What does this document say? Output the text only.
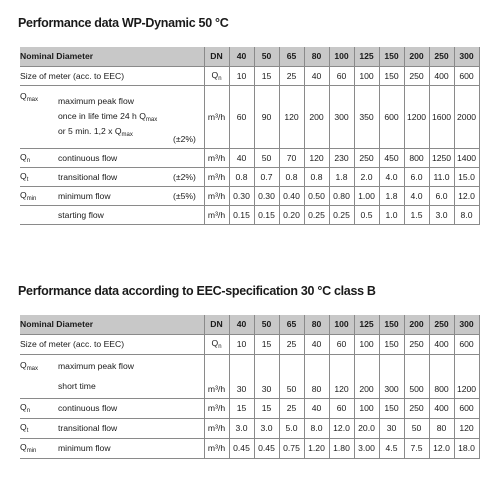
Performance data WP-Dynamic 50 °C
Nominal Diameter			DN	40	50	65	80	100	125	150	200	250	300	
Size of meter (acc. to EEC)			$Q_n$	10	15	25	40	60	100	150	250	400	600	
$Q_{max}$	maximum peak flow
once in life time 24 h $Q_{max}$
or 5 min. 1,2 x $Q_{max}$	(±2%)	m³/h	60	90	120	200	300	350	600	1200	1600	2000	
$Q_n$	continuous flow		m³/h	40	50	70	120	230	250	450	800	1250	1400	
$Q_t$	transitional flow	(±2%)	m³/h	0.8	0.7	0.8	0.8	1.8	2.0	4.0	6.0	11.0	15.0	
$Q_{min}$	minimum flow	(±5%)	m³/h	0.30	0.30	0.40	0.50	0.80	1.00	1.8	4.0	6.0	12.0	
	starting flow		m³/h	0.15	0.15	0.20	0.25	0.25	0.5	1.0	1.5	3.0	8.0	
Performance data according to EEC-specification 30 °C class B
Nominal Diameter		DN	40	50	65	80	100	125	150	200	250	300	
Size of meter (acc. to EEC)		$Q_n$	10	15	25	40	60	100	150	250	400	600	
$Q_{max}$	maximum peak flow
short time	m³/h	30	30	50	80	120	200	300	500	800	1200	
$Q_n$	continuous flow	m³/h	15	15	25	40	60	100	150	250	400	600	
$Q_t$	transitional flow	m³/h	3.0	3.0	5.0	8.0	12.0	20.0	30	50	80	120	
$Q_{min}$	minimum flow	m³/h	0.45	0.45	0.75	1.20	1.80	3.00	4.5	7.5	12.0	18.0	
